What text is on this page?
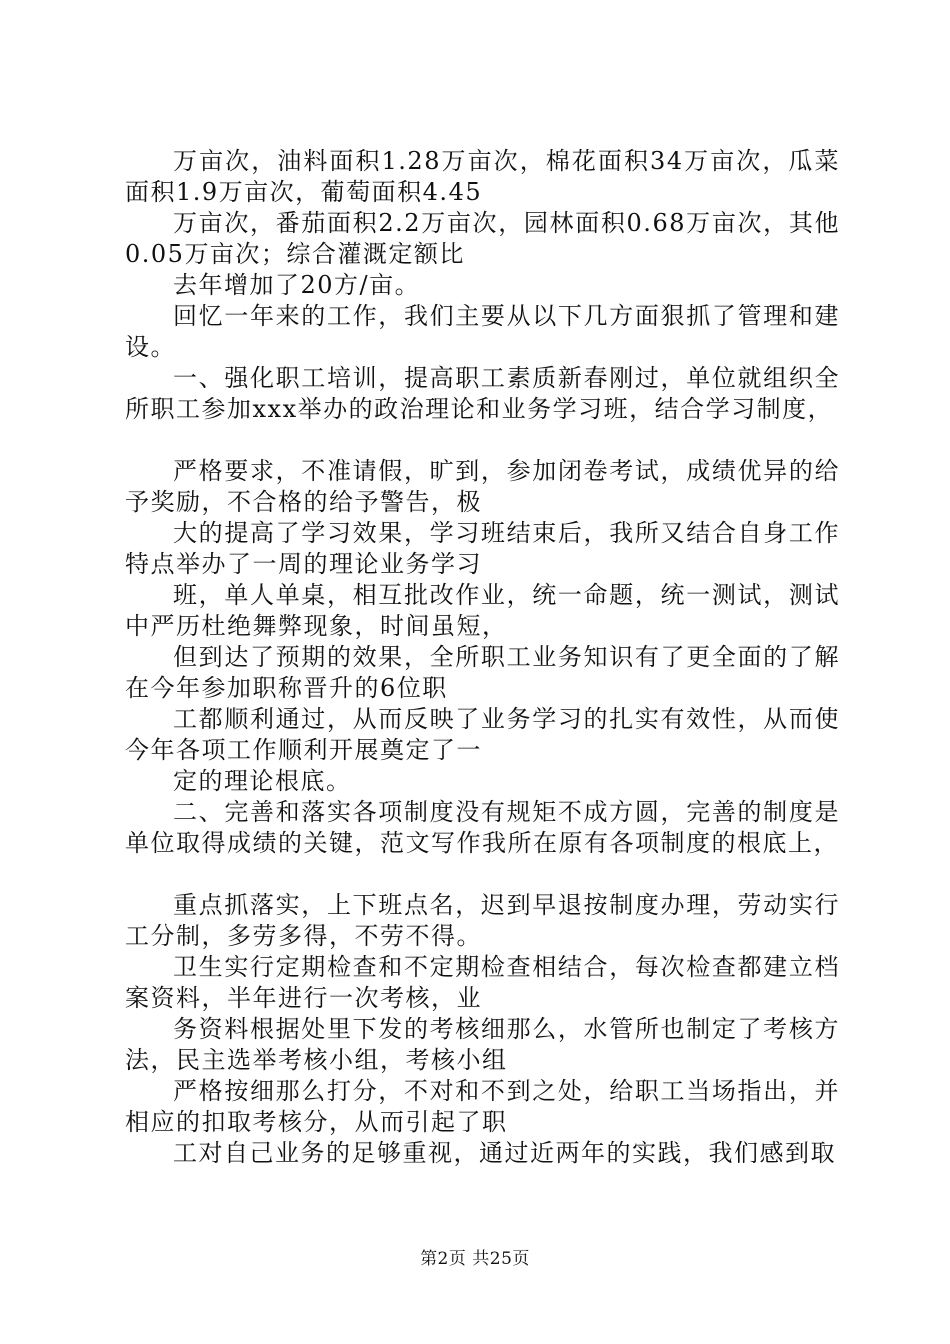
万亩次，油料面积1.28万亩次，棉花面积34万亩次，瓜菜面积1.9万亩次，葡萄面积4.45

万亩次，番茄面积2.2万亩次，园林面积0.68万亩次，其他0.05万亩次；综合灌溉定额比

去年增加了20方/亩。

回忆一年来的工作，我们主要从以下几方面狠抓了管理和建设。

一、强化职工培训，提高职工素质新春刚过，单位就组织全所职工参加xxx举办的政治理论和业务学习班，结合学习制度，

严格要求，不准请假，旷到，参加闭卷考试，成绩优异的给予奖励，不合格的给予警告，极

大的提高了学习效果，学习班结束后，我所又结合自身工作特点举办了一周的理论业务学习

班，单人单桌，相互批改作业，统一命题，统一测试，测试中严历杜绝舞弊现象，时间虽短，

但到达了预期的效果，全所职工业务知识有了更全面的了解在今年参加职称晋升的6位职

工都顺利通过，从而反映了业务学习的扎实有效性，从而使今年各项工作顺利开展奠定了一

定的理论根底。

二、完善和落实各项制度没有规矩不成方圆，完善的制度是单位取得成绩的关键，范文写作我所在原有各项制度的根底上，

重点抓落实，上下班点名，迟到早退按制度办理，劳动实行工分制，多劳多得，不劳不得。

卫生实行定期检查和不定期检查相结合，每次检查都建立档案资料，半年进行一次考核，业

务资料根据处里下发的考核细那么，水管所也制定了考核方法，民主选举考核小组，考核小组

严格按细那么打分，不对和不到之处，给职工当场指出，并相应的扣取考核分，从而引起了职

工对自己业务的足够重视，通过近两年的实践，我们感到取

第2页 共25页
